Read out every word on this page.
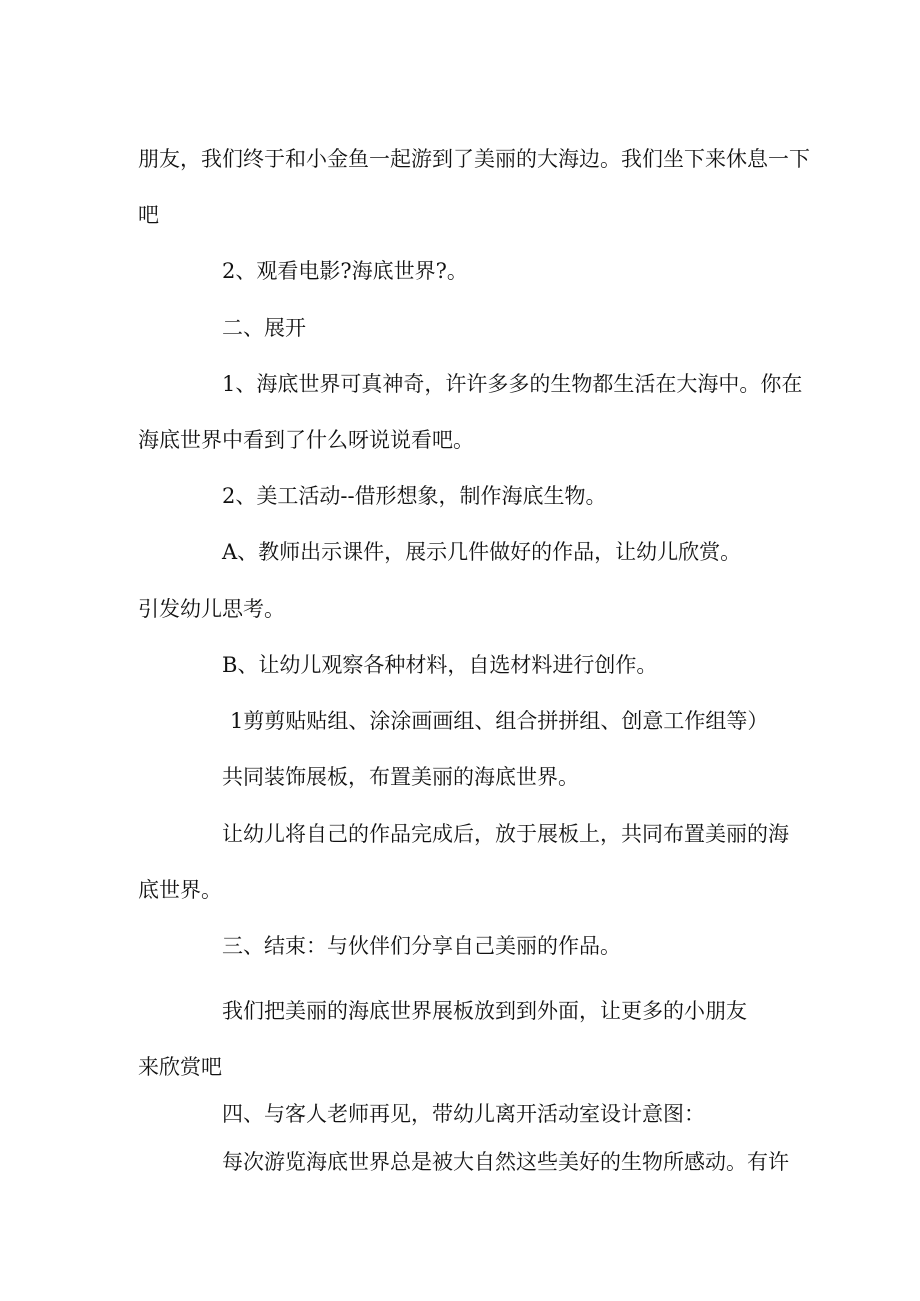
朋友，我们终于和小金鱼一起游到了美丽的大海边。我们坐下来休息一下
吧
2、观看电影?海底世界?。
二、展开
1、海底世界可真神奇，许许多多的生物都生活在大海中。你在
海底世界中看到了什么呀说说看吧。
2、美工活动--借形想象，制作海底生物。
A、教师出示课件，展示几件做好的作品，让幼儿欣赏。
引发幼儿思考。
B、让幼儿观察各种材料，自选材料进行创作。
1剪剪贴贴组、涂涂画画组、组合拼拼组、创意工作组等）
共同装饰展板，布置美丽的海底世界。
让幼儿将自己的作品完成后，放于展板上，共同布置美丽的海
底世界。
三、结束：与伙伴们分享自己美丽的作品。
我们把美丽的海底世界展板放到到外面，让更多的小朋友
来欣赏吧
四、与客人老师再见，带幼儿离开活动室设计意图：
每次游览海底世界总是被大自然这些美好的生物所感动。有许
